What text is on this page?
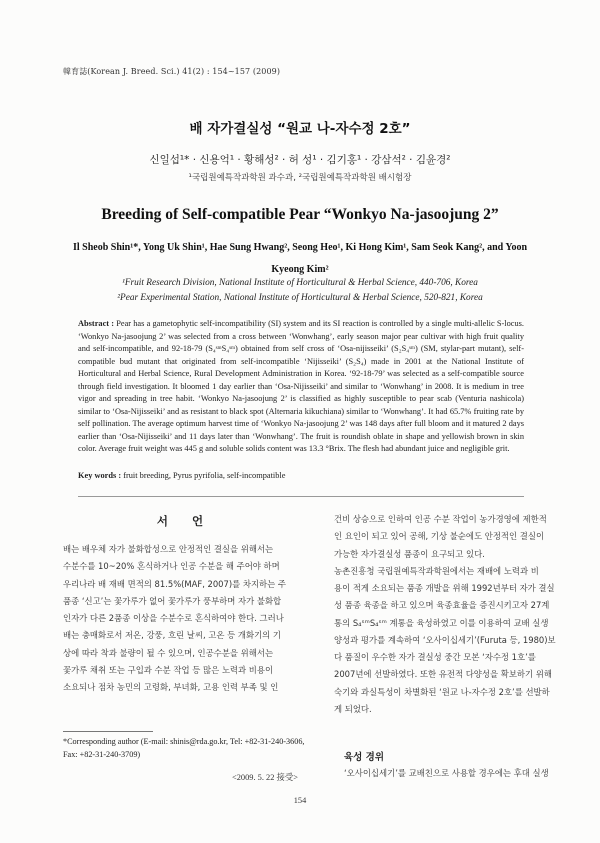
韓育誌(Korean J. Breed. Sci.) 41(2) : 154~157 (2009)
배 자가결실성 “원교 나-자수정 2호”
신일섭¹* · 신용억¹ · 황해성² · 허 성¹ · 김기홍¹ · 강삼석² · 김윤경²
¹국립원예특작과학원 과수과, ²국립원예특작과학원 배시험장
Breeding of Self-compatible Pear “Wonkyo Na-jasoojung 2”
Il Sheob Shin¹*, Yong Uk Shin¹, Hae Sung Hwang², Seong Heo¹, Ki Hong Kim¹, Sam Seok Kang², and Yoon Kyeong Kim²
¹Fruit Research Division, National Institute of Horticultural & Herbal Science, 440-706, Korea
²Pear Experimental Station, National Institute of Horticultural & Herbal Science, 520-821, Korea
Abstract : Pear has a gametophytic self-incompatibility (SI) system and its SI reaction is controlled by a single multi-allelic S-locus. ‘Wonkyo Na-jasoojung 2’ was selected from a cross between ‘Wonwhang’, early season major pear cultivar with high fruit quality and self-incompatible, and 92-18-79 (S₄ˢᵐS₄ˢᵐ) obtained from self cross of ‘Osa-nijisseiki’ (S₂S₄ˢᵐ) (SM, stylar-part mutant), self-compatible bud mutant that originated from self-incompatible ‘Nijisseiki’ (S₂S₄) made in 2001 at the National Institute of Horticultural and Herbal Science, Rural Development Administration in Korea. ‘92-18-79’ was selected as a self-compatible source through field investigation. It bloomed 1 day earlier than ‘Osa-Nijisseiki’ and similar to ‘Wonwhang’ in 2008. It is medium in tree vigor and spreading in tree habit. ‘Wonkyo Na-jasoojung 2’ is classified as highly susceptible to pear scab (Venturia nashicola) similar to ‘Osa-Nijisseiki’ and as resistant to black spot (Alternaria kikuchiana) similar to ‘Wonwhang’. It had 65.7% fruiting rate by self pollination. The average optimum harvest time of ‘Wonkyo Na-jasoojung 2’ was 148 days after full bloom and it matured 2 days earlier than ‘Osa-Nijisseiki’ and 11 days later than ‘Wonwhang’. The fruit is roundish oblate in shape and yellowish brown in skin color. Average fruit weight was 445 g and soluble solids content was 13.3 °Brix. The flesh had abundant juice and negligible grit.
Key words : fruit breeding, Pyrus pyrifolia, self-incompatible
서 언
배는 배우체 자가 불화합성으로 안정적인 결실을 위해서는
수분수를 10~20% 혼식하거나 인공 수분을 해 주어야 하며
우리나라 배 재배 면적의 81.5%(MAF, 2007)를 차지하는 주
품종 ‘신고’는 꽃가루가 없어 꽃가루가 풍부하며 자가 불화합
인자가 다른 2품종 이상을 수분수로 혼식하여야 한다. 그러나
배는 충매화로서 저온, 강풍, 흐린 날씨, 고온 등 개화기의 기
상에 따라 착과 불량이 될 수 있으며, 인공수분을 위해서는
꽃가루 채취 또는 구입과 수분 작업 등 많은 노력과 비용이
소요되나 점차 농민의 고령화, 부녀화, 고용 인력 부족 및 인
건비 상승으로 인하여 인공 수분 작업이 농가경영에 제한적
인 요인이 되고 있어 공해, 기상 불순에도 안정적인 결실이
가능한 자가결실성 품종이 요구되고 있다.
농촌진흥청 국립원예특작과학원에서는 재배에 노력과 비
용이 적게 소요되는 품종 개발을 위해 1992년부터 자가 결실
성 품종 육종을 하고 있으며 육종효율을 증진시키고자 27계
통의 S₄ˢᵐS₄ˢᵐ 계통을 육성하였고 이를 이용하여 교배 실생
양성과 평가를 계속하여 ‘오사이십세기’(Furuta 등, 1980)보
다 품질이 우수한 자가 결실성 중간 모본 ‘자수정 1호’를
2007년에 선발하였다. 또한 유전적 다양성을 확보하기 위해
숙기와 과실특성이 차별화된 ‘원교 나-자수정 2호’를 선발하
게 되었다.
*Corresponding author (E-mail: shinis@rda.go.kr, Tel: +82-31-240-3606, Fax: +82-31-240-3709)
<2009. 5. 22 接受>
육성 경위
‘오사이십세기’를 교배친으로 사용할 경우에는 후대 실생
154
